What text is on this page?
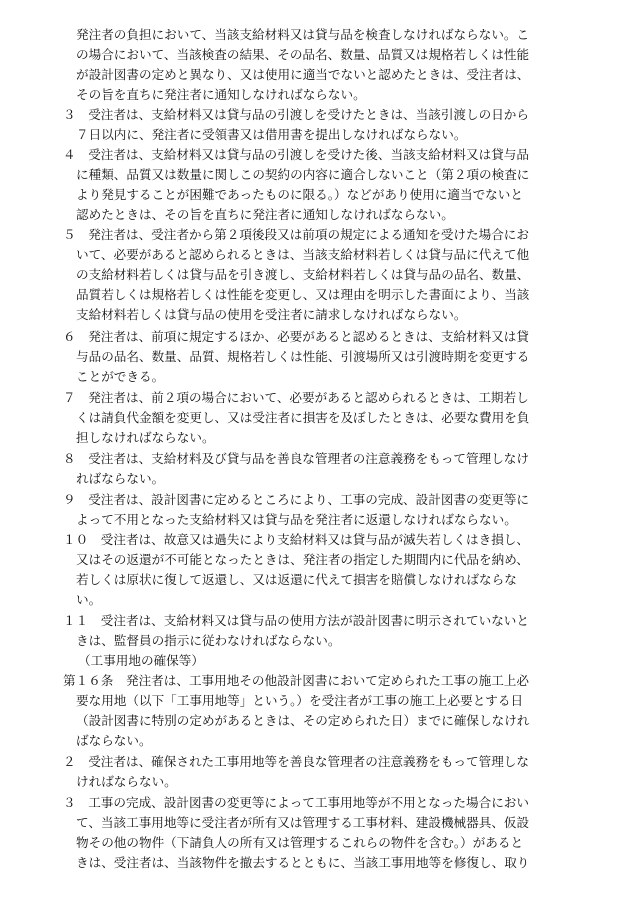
発注者の負担において、当該支給材料又は貸与品を検査しなければならない。こ
の場合において、当該検査の結果、その品名、数量、品質又は規格若しくは性能
が設計図書の定めと異なり、又は使用に適当でないと認めたときは、受注者は、
その旨を直ちに発注者に通知しなければならない。
３　受注者は、支給材料又は貸与品の引渡しを受けたときは、当該引渡しの日から
７日以内に、発注者に受領書又は借用書を提出しなければならない。
４　受注者は、支給材料又は貸与品の引渡しを受けた後、当該支給材料又は貸与品
に種類、品質又は数量に関しこの契約の内容に適合しないこと（第２項の検査に
より発見することが困難であったものに限る。）などがあり使用に適当でないと
認めたときは、その旨を直ちに発注者に通知しなければならない。
５　発注者は、受注者から第２項後段又は前項の規定による通知を受けた場合にお
いて、必要があると認められるときは、当該支給材料若しくは貸与品に代えて他
の支給材料若しくは貸与品を引き渡し、支給材料若しくは貸与品の品名、数量、
品質若しくは規格若しくは性能を変更し、又は理由を明示した書面により、当該
支給材料若しくは貸与品の使用を受注者に請求しなければならない。
６　発注者は、前項に規定するほか、必要があると認めるときは、支給材料又は貸
与品の品名、数量、品質、規格若しくは性能、引渡場所又は引渡時期を変更する
ことができる。
７　発注者は、前２項の場合において、必要があると認められるときは、工期若し
くは請負代金額を変更し、又は受注者に損害を及ぼしたときは、必要な費用を負
担しなければならない。
８　受注者は、支給材料及び貸与品を善良な管理者の注意義務をもって管理しなけ
ればならない。
９　受注者は、設計図書に定めるところにより、工事の完成、設計図書の変更等に
よって不用となった支給材料又は貸与品を発注者に返還しなければならない。
１０　受注者は、故意又は過失により支給材料又は貸与品が滅失若しくはき損し、
又はその返還が不可能となったときは、発注者の指定した期間内に代品を納め、
若しくは原状に復して返還し、又は返還に代えて損害を賠償しなければならな
い。
１１　受注者は、支給材料又は貸与品の使用方法が設計図書に明示されていないと
きは、監督員の指示に従わなければならない。
（工事用地の確保等）
第１６条　発注者は、工事用地その他設計図書において定められた工事の施工上必
要な用地（以下「工事用地等」という。）を受注者が工事の施工上必要とする日
（設計図書に特別の定めがあるときは、その定められた日）までに確保しなけれ
ばならない。
２　受注者は、確保された工事用地等を善良な管理者の注意義務をもって管理しな
ければならない。
３　工事の完成、設計図書の変更等によって工事用地等が不用となった場合におい
て、当該工事用地等に受注者が所有又は管理する工事材料、建設機械器具、仮設
物その他の物件（下請負人の所有又は管理するこれらの物件を含む。）があると
きは、受注者は、当該物件を撤去するとともに、当該工事用地等を修復し、取り
